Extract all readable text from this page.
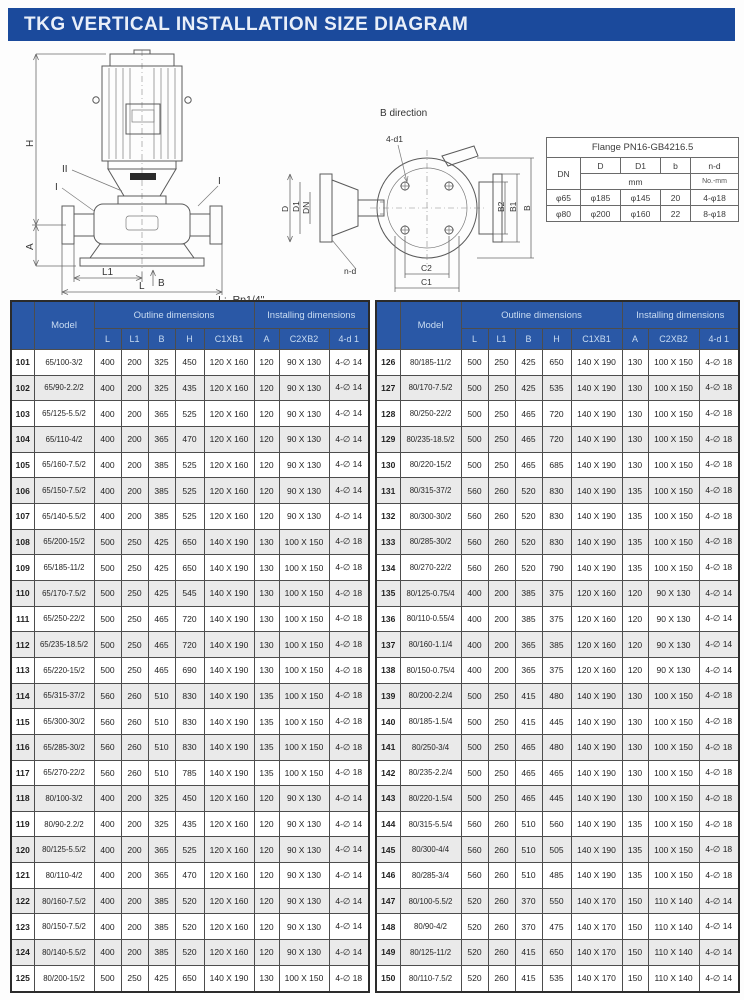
TKG VERTICAL INSTALLATION SIZE DIAGRAM
H
A
L1
L B
II
I
I
B direction
D D1 DN
n-d
4-d1
C2
C1
B2 B1 B

Flange PN16-GB4216.5				
DN	D	D1	b	n-d
	mm			No.-mm
φ65	φ185	φ145	20	4-φ18
φ80	φ200	φ160	22	8-φ18
	Model	Outline dimensions					Installing dimensions		
		L	L1	B	H	C1XB1	A	C2XB2	4-d 1
101	65/100-3/2	400	200	325	450	120 X 160	120	90 X 130	4-∅ 14
102	65/90-2.2/2	400	200	325	435	120 X 160	120	90 X 130	4-∅ 14
103	65/125-5.5/2	400	200	365	525	120 X 160	120	90 X 130	4-∅ 14
104	65/110-4/2	400	200	365	470	120 X 160	120	90 X 130	4-∅ 14
105	65/160-7.5/2	400	200	385	525	120 X 160	120	90 X 130	4-∅ 14
106	65/150-7.5/2	400	200	385	525	120 X 160	120	90 X 130	4-∅ 14
107	65/140-5.5/2	400	200	385	525	120 X 160	120	90 X 130	4-∅ 14
108	65/200-15/2	500	250	425	650	140 X 190	130	100 X 150	4-∅ 18
109	65/185-11/2	500	250	425	650	140 X 190	130	100 X 150	4-∅ 18
110	65/170-7.5/2	500	250	425	545	140 X 190	130	100 X 150	4-∅ 18
111	65/250-22/2	500	250	465	720	140 X 190	130	100 X 150	4-∅ 18
112	65/235-18.5/2	500	250	465	720	140 X 190	130	100 X 150	4-∅ 18
113	65/220-15/2	500	250	465	690	140 X 190	130	100 X 150	4-∅ 18
114	65/315-37/2	560	260	510	830	140 X 190	135	100 X 150	4-∅ 18
115	65/300-30/2	560	260	510	830	140 X 190	135	100 X 150	4-∅ 18
116	65/285-30/2	560	260	510	830	140 X 190	135	100 X 150	4-∅ 18
117	65/270-22/2	560	260	510	785	140 X 190	135	100 X 150	4-∅ 18
118	80/100-3/2	400	200	325	450	120 X 160	120	90 X 130	4-∅ 14
119	80/90-2.2/2	400	200	325	435	120 X 160	120	90 X 130	4-∅ 14
120	80/125-5.5/2	400	200	365	525	120 X 160	120	90 X 130	4-∅ 14
121	80/110-4/2	400	200	365	470	120 X 160	120	90 X 130	4-∅ 14
122	80/160-7.5/2	400	200	385	520	120 X 160	120	90 X 130	4-∅ 14
123	80/150-7.5/2	400	200	385	520	120 X 160	120	90 X 130	4-∅ 14
124	80/140-5.5/2	400	200	385	520	120 X 160	120	90 X 130	4-∅ 14
125	80/200-15/2	500	250	425	650	140 X 190	130	100 X 150	4-∅ 18
	Model	Outline dimensions					Installing dimensions		
		L	L1	B	H	C1XB1	A	C2XB2	4-d 1
126	80/185-11/2	500	250	425	650	140 X 190	130	100 X 150	4-∅ 18
127	80/170-7.5/2	500	250	425	535	140 X 190	130	100 X 150	4-∅ 18
128	80/250-22/2	500	250	465	720	140 X 190	130	100 X 150	4-∅ 18
129	80/235-18.5/2	500	250	465	720	140 X 190	130	100 X 150	4-∅ 18
130	80/220-15/2	500	250	465	685	140 X 190	130	100 X 150	4-∅ 18
131	80/315-37/2	560	260	520	830	140 X 190	135	100 X 150	4-∅ 18
132	80/300-30/2	560	260	520	830	140 X 190	135	100 X 150	4-∅ 18
133	80/285-30/2	560	260	520	830	140 X 190	135	100 X 150	4-∅ 18
134	80/270-22/2	560	260	520	790	140 X 190	135	100 X 150	4-∅ 18
135	80/125-0.75/4	400	200	385	375	120 X 160	120	90 X 130	4-∅ 14
136	80/110-0.55/4	400	200	385	375	120 X 160	120	90 X 130	4-∅ 14
137	80/160-1.1/4	400	200	365	385	120 X 160	120	90 X 130	4-∅ 14
138	80/150-0.75/4	400	200	365	375	120 X 160	120	90 X 130	4-∅ 14
139	80/200-2.2/4	500	250	415	480	140 X 190	130	100 X 150	4-∅ 18
140	80/185-1.5/4	500	250	415	445	140 X 190	130	100 X 150	4-∅ 18
141	80/250-3/4	500	250	465	480	140 X 190	130	100 X 150	4-∅ 18
142	80/235-2.2/4	500	250	465	465	140 X 190	130	100 X 150	4-∅ 18
143	80/220-1.5/4	500	250	465	445	140 X 190	130	100 X 150	4-∅ 18
144	80/315-5.5/4	560	260	510	560	140 X 190	135	100 X 150	4-∅ 18
145	80/300-4/4	560	260	510	505	140 X 190	135	100 X 150	4-∅ 18
146	80/285-3/4	560	260	510	485	140 X 190	135	100 X 150	4-∅ 18
147	80/100-5.5/2	520	260	370	550	140 X 170	150	110 X 140	4-∅ 14
148	80/90-4/2	520	260	370	475	140 X 170	150	110 X 140	4-∅ 14
149	80/125-11/2	520	260	415	650	140 X 170	150	110 X 140	4-∅ 14
150	80/110-7.5/2	520	260	415	535	140 X 170	150	110 X 140	4-∅ 14
